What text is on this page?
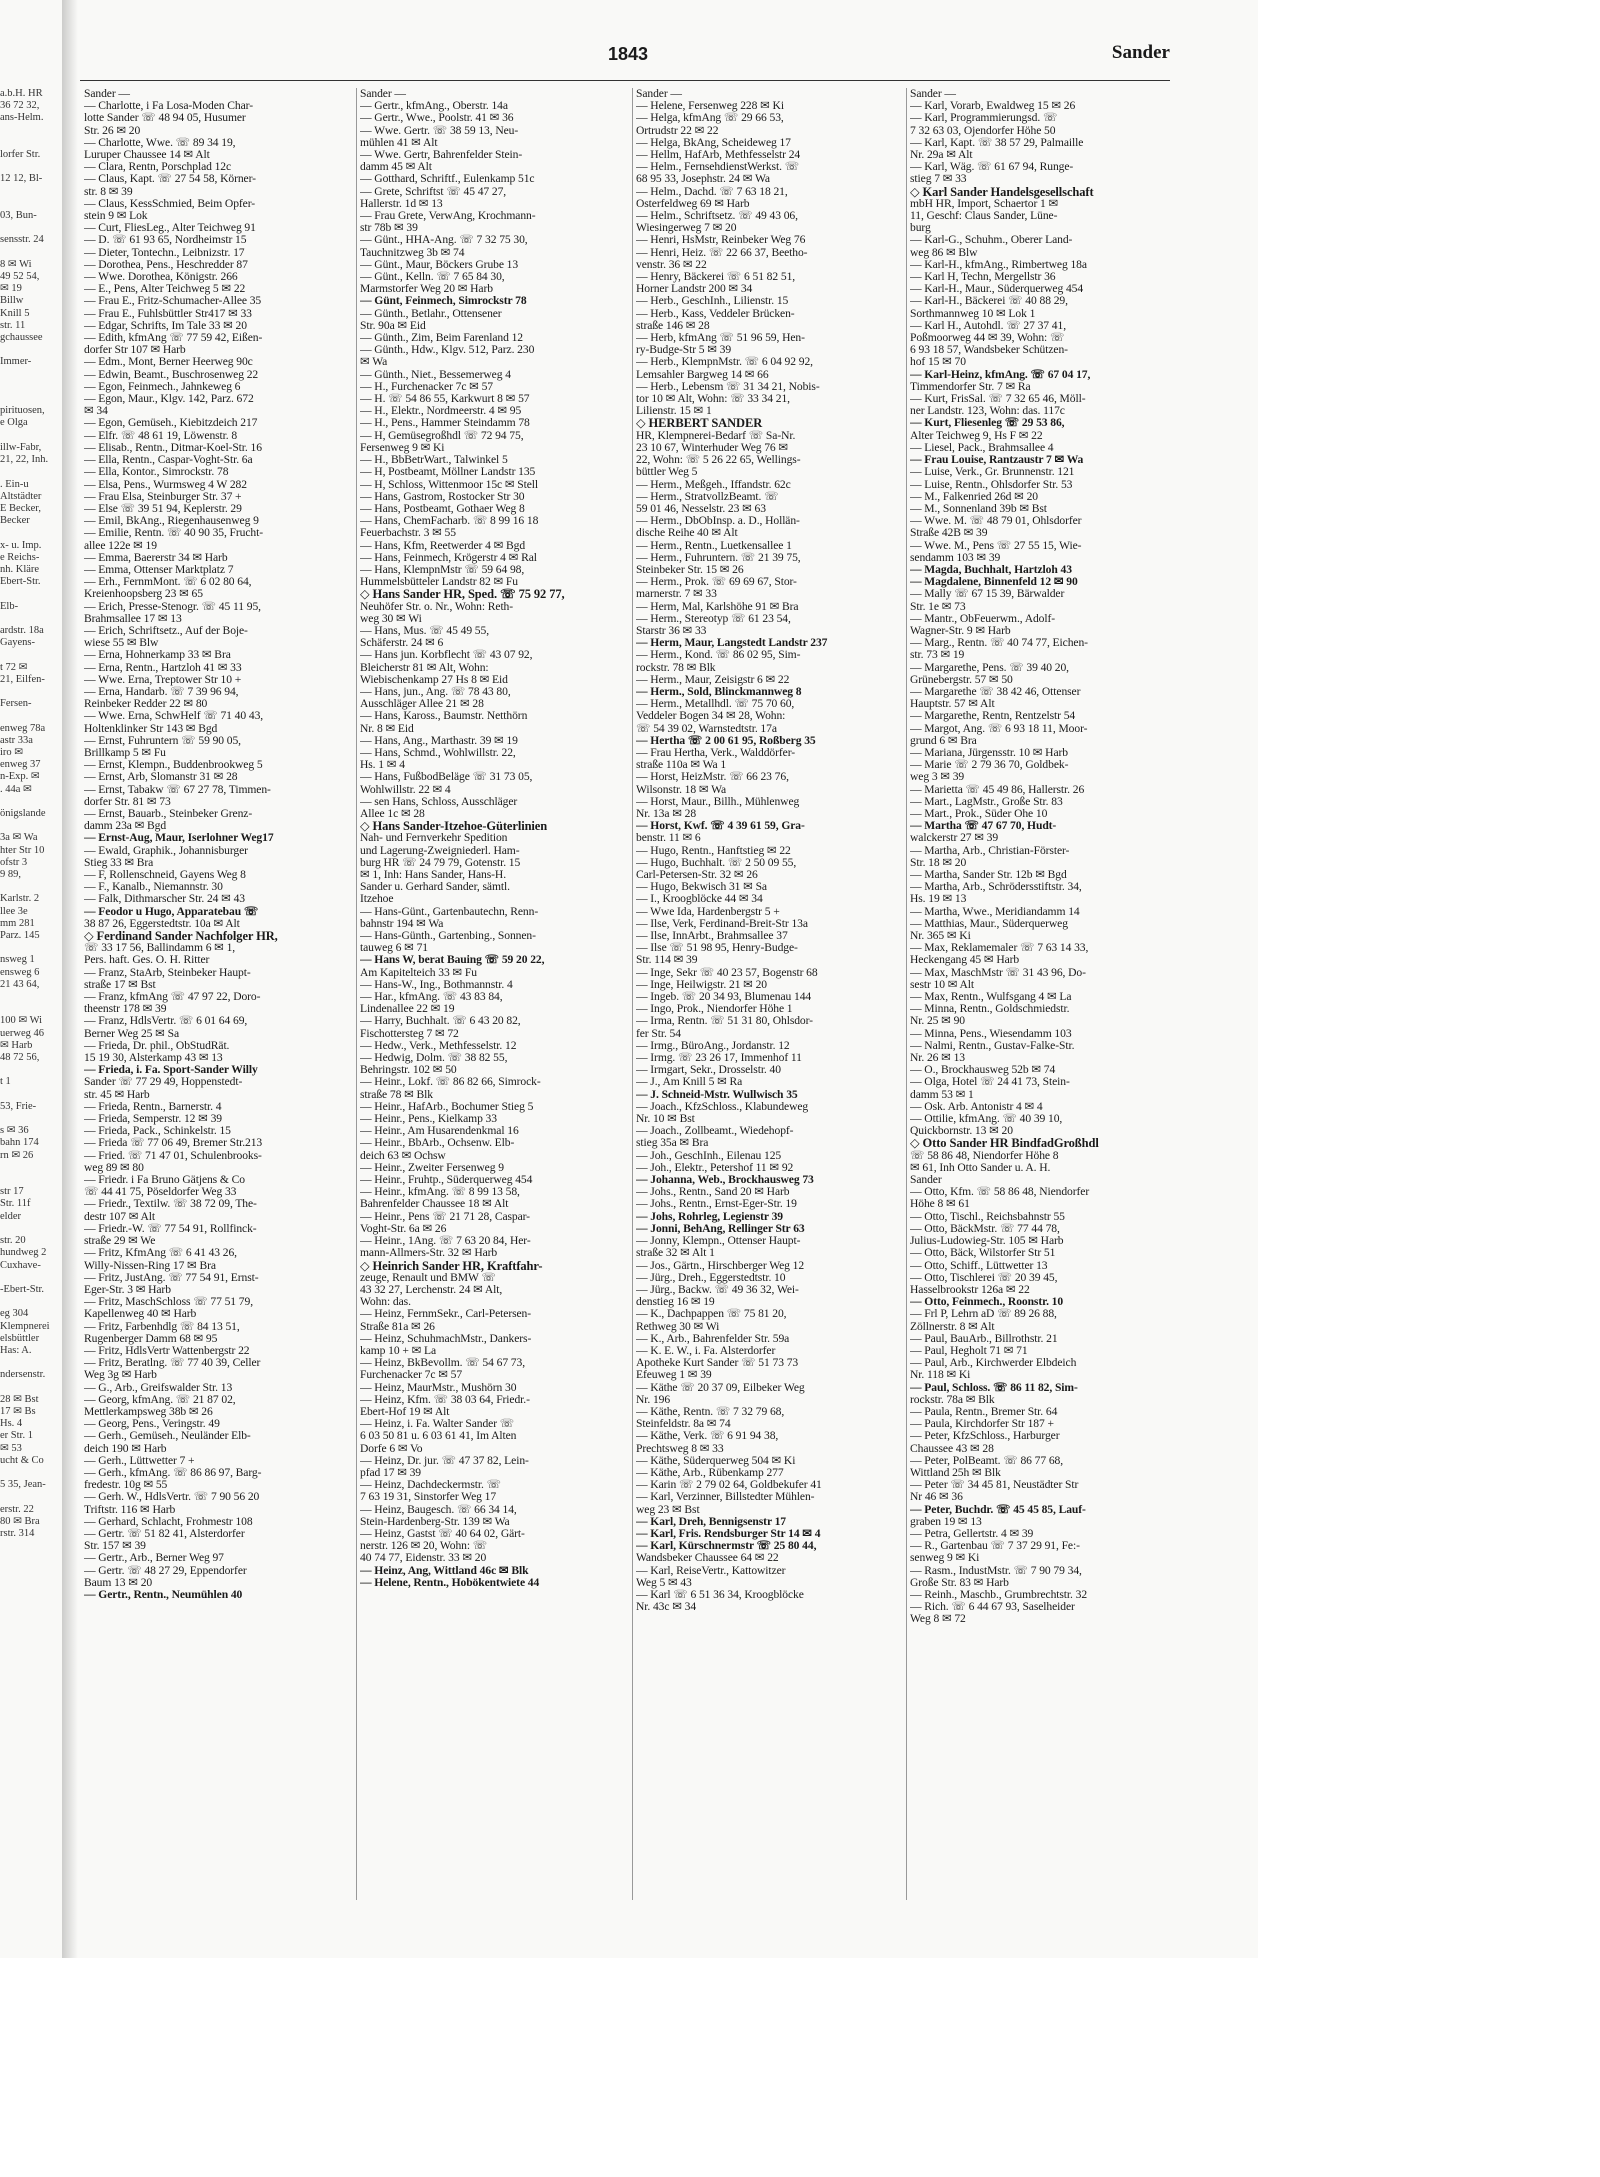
a.b.H. HR
36 72 32,
ans-Helm.

lorfer Str.

12 12, Bl-

03, Bun-

sensstr. 24

8 ✉ Wi
49 52 54,
✉ 19
Billw
Knill 5
str. 11
gchaussee

Immer-

pirituosen,
e Olga

illw-Fabr,
21, 22, Inh.

. Ein-u
Altstädter
E Becker,
Becker

x- u. Imp.
e Reichs-
nh. Kläre
Ebert-Str.

Elb-

ardstr. 18a
Gayens-

t 72 ✉
21, Eilfen-

Fersen-

enweg 78a
astr 33a
iro ✉
enweg 37
n-Exp. ✉
. 44a ✉

önigslande

3a ✉ Wa
hter Str 10
ofstr 3
9 89,

Karlstr. 2
llee 3e
mm 281
Parz. 145

nsweg 1
ensweg 6
21 43 64,

100 ✉ Wi
uerweg 46
✉ Harb
48 72 56,

t 1

53, Frie-

s ✉ 36
bahn 174
rn ✉ 26

str 17
Str. 11f
elder

str. 20
hundweg 2
Cuxhave-

-Ebert-Str.

eg 304
Klempnerei
elsbüttler
Has: A.

ndersenstr.

28 ✉ Bst
17 ✉ Bs
Hs. 4
er Str. 1
✉ 53
ucht & Co

5 35, Jean-

erstr. 22
80 ✉ Bra
rstr. 314
1843	Sander
Sander —
— Charlotte, i Fa Losa-Moden Char-
lotte Sander ☏ 48 94 05, Husumer
Str. 26 ✉ 20
— Charlotte, Wwe. ☏ 89 34 19,
Luruper Chaussee 14 ✉ Alt
— Clara, Rentn, Porschplad 12c
— Claus, Kapt. ☏ 27 54 58, Körner-
str. 8 ✉ 39
— Claus, KessSchmied, Beim Opfer-
stein 9 ✉ Lok
— Curt, FliesLeg., Alter Teichweg 91
— D. ☏ 61 93 65, Nordheimstr 15
— Dieter, Tontechn., Leibnizstr. 17
— Dorothea, Pens., Heschredder 87
— Wwe. Dorothea, Königstr. 266
— E., Pens, Alter Teichweg 5 ✉ 22
— Frau E., Fritz-Schumacher-Allee 35
— Frau E., Fuhlsbüttler Str417 ✉ 33
— Edgar, Schrifts, Im Tale 33 ✉ 20
— Edith, kfmAng ☏ 77 59 42, Eißen-
dorfer Str 107 ✉ Harb
— Edm., Mont, Berner Heerweg 90c
— Edwin, Beamt., Buschrosenweg 22
— Egon, Feinmech., Jahnkeweg 6
— Egon, Maur., Klgv. 142, Parz. 672
✉ 34
— Egon, Gemüseh., Kiebitzdeich 217
— Elfr. ☏ 48 61 19, Löwenstr. 8
— Elisab., Rentn., Ditmar-Koel-Str. 16
— Ella, Rentn., Caspar-Voght-Str. 6a
— Ella, Kontor., Simrockstr. 78
— Elsa, Pens., Wurmsweg 4 W 282
— Frau Elsa, Steinburger Str. 37 +
— Else ☏ 39 51 94, Keplerstr. 29
— Emil, BkAng., Riegenhausenweg 9
— Emilie, Rentn. ☏ 40 90 35, Frucht-
allee 122e ✉ 19
— Emma, Baererstr 34 ✉ Harb
— Emma, Ottenser Marktplatz 7
— Erh., FernmMont. ☏ 6 02 80 64,
Kreienhoopsberg 23 ✉ 65
— Erich, Presse-Stenogr. ☏ 45 11 95,
Brahmsallee 17 ✉ 13
— Erich, Schriftsetz., Auf der Boje-
wiese 55 ✉ Blw
— Erna, Hohnerkamp 33 ✉ Bra
— Erna, Rentn., Hartzloh 41 ✉ 33
— Wwe. Erna, Treptower Str 10 +
— Erna, Handarb. ☏ 7 39 96 94,
Reinbeker Redder 22 ✉ 80
— Wwe. Erna, SchwHelf ☏ 71 40 43,
Holtenklinker Str 143 ✉ Bgd
— Ernst, Fuhruntern ☏ 59 90 05,
Brillkamp 5 ✉ Fu
— Ernst, Klempn., Buddenbrookweg 5
— Ernst, Arb, Slomanstr 31 ✉ 28
— Ernst, Tabakw ☏ 67 27 78, Timmen-
dorfer Str. 81 ✉ 73
— Ernst, Bauarb., Steinbeker Grenz-
damm 23a ✉ Bgd
— Ernst-Aug, Maur, Iserlohner Weg17
— Ewald, Graphik., Johannisburger
Stieg 33 ✉ Bra
— F, Rollenschneid, Gayens Weg 8
— F., Kanalb., Niemannstr. 30
— Falk, Dithmarscher Str. 24 ✉ 43
— Feodor u Hugo, Apparatebau ☏
38 87 26, Eggerstedtstr. 10a ✉ Alt
◇ Ferdinand Sander Nachfolger HR,
☏ 33 17 56, Ballindamm 6 ✉ 1,
Pers. haft. Ges. O. H. Ritter
— Franz, StaArb, Steinbeker Haupt-
straße 17 ✉ Bst
— Franz, kfmAng ☏ 47 97 22, Doro-
theenstr 178 ✉ 39
— Franz, HdlsVertr. ☏ 6 01 64 69,
Berner Weg 25 ✉ Sa
— Frieda, Dr. phil., ObStudRät.
15 19 30, Alsterkamp 43 ✉ 13
— Frieda, i. Fa. Sport-Sander Willy
Sander ☏ 77 29 49, Hoppenstedt-
str. 45 ✉ Harb
— Frieda, Rentn., Barnerstr. 4
— Frieda, Semperstr. 12 ✉ 39
— Frieda, Pack., Schinkelstr. 15
— Frieda ☏ 77 06 49, Bremer Str.213
— Fried. ☏ 71 47 01, Schulenbrooks-
weg 89 ✉ 80
— Friedr. i Fa Bruno Gätjens & Co
☏ 44 41 75, Pöseldorfer Weg 33
— Friedr., Textilw. ☏ 38 72 09, The-
destr 107 ✉ Alt
— Friedr.-W. ☏ 77 54 91, Rollfinck-
straße 29 ✉ We
— Fritz, KfmAng ☏ 6 41 43 26,
Willy-Nissen-Ring 17 ✉ Bra
— Fritz, JustAng. ☏ 77 54 91, Ernst-
Eger-Str. 3 ✉ Harb
— Fritz, MaschSchloss ☏ 77 51 79,
Kapellenweg 40 ✉ Harb
— Fritz, Farbenhdlg ☏ 84 13 51,
Rugenberger Damm 68 ✉ 95
— Fritz, HdlsVertr Wattenbergstr 22
— Fritz, Beratlng. ☏ 77 40 39, Celler
Weg 3g ✉ Harb
— G., Arb., Greifswalder Str. 13
— Georg, kfmAng. ☏ 21 87 02,
Mettlerkampsweg 38b ✉ 26
— Georg, Pens., Veringstr. 49
— Gerh., Gemüseh., Neuländer Elb-
deich 190 ✉ Harb
— Gerh., Lüttwetter 7 +
— Gerh., kfmAng. ☏ 86 86 97, Barg-
fredestr. 10g ✉ 55
— Gerh. W., HdlsVertr. ☏ 7 90 56 20
Triftstr. 116 ✉ Harb
— Gerhard, Schlacht, Frohmestr 108
— Gertr. ☏ 51 82 41, Alsterdorfer
Str. 157 ✉ 39
— Gertr., Arb., Berner Weg 97
— Gertr. ☏ 48 27 29, Eppendorfer
Baum 13 ✉ 20
— Gertr., Rentn., Neumühlen 40
Sander —
— Gertr., kfmAng., Oberstr. 14a
— Gertr., Wwe., Poolstr. 41 ✉ 36
— Wwe. Gertr. ☏ 38 59 13, Neu-
mühlen 41 ✉ Alt
— Wwe. Gertr, Bahrenfelder Stein-
damm 45 ✉ Alt
— Gotthard, Schriftf., Eulenkamp 51c
— Grete, Schriftst ☏ 45 47 27,
Hallerstr. 1d ✉ 13
— Frau Grete, VerwAng, Krochmann-
str 78b ✉ 39
— Günt., HHA-Ang. ☏ 7 32 75 30,
Tauchnitzweg 3b ✉ 74
— Günt., Maur, Böckers Grube 13
— Günt., Kelln. ☏ 7 65 84 30,
Marmstorfer Weg 20 ✉ Harb
— Günt, Feinmech, Simrockstr 78
— Günth., Betlahr., Ottensener
Str. 90a ✉ Eid
— Günth., Zim, Beim Farenland 12
— Günth., Hdw., Klgv. 512, Parz. 230
✉ Wa
— Günth., Niet., Bessemerweg 4
— H., Furchenacker 7c ✉ 57
— H. ☏ 54 86 55, Karkwurt 8 ✉ 57
— H., Elektr., Nordmeerstr. 4 ✉ 95
— H., Pens., Hammer Steindamm 78
— H, Gemüsegroßhdl ☏ 72 94 75,
Fersenweg 9 ✉ Ki
— H., BbBetrWart., Talwinkel 5
— H, Postbeamt, Möllner Landstr 135
— H, Schloss, Wittenmoor 15c ✉ Stell
— Hans, Gastrom, Rostocker Str 30
— Hans, Postbeamt, Gothaer Weg 8
— Hans, ChemFacharb. ☏ 8 99 16 18
Feuerbachstr. 3 ✉ 55
— Hans, Kfm, Reetwerder 4 ✉ Bgd
— Hans, Feinmech, Krögerstr 4 ✉ Ral
— Hans, KlempnMstr ☏ 59 64 98,
Hummelsbütteler Landstr 82 ✉ Fu
◇ Hans Sander HR, Sped. ☏ 75 92 77,
Neuhöfer Str. o. Nr., Wohn: Reth-
weg 30 ✉ Wi
— Hans, Mus. ☏ 45 49 55,
Schäferstr. 24 ✉ 6
— Hans jun. Korbflecht ☏ 43 07 92,
Bleicherstr 81 ✉ Alt, Wohn:
Wiebischenkamp 27 Hs 8 ✉ Eid
— Hans, jun., Ang. ☏ 78 43 80,
Ausschläger Allee 21 ✉ 28
— Hans, Kaross., Baumstr. Netthörn
Nr. 8 ✉ Eid
— Hans, Ang., Marthastr. 39 ✉ 19
— Hans, Schmd., Wohlwillstr. 22,
Hs. 1 ✉ 4
— Hans, FußbodBeläge ☏ 31 73 05,
Wohlwillstr. 22 ✉ 4
— sen Hans, Schloss, Ausschläger
Allee 1c ✉ 28
◇ Hans Sander-Itzehoe-Güterlinien
Nah- und Fernverkehr Spedition
und Lagerung-Zweigniederl. Ham-
burg HR ☏ 24 79 79, Gotenstr. 15
✉ 1, Inh: Hans Sander, Hans-H.
Sander u. Gerhard Sander, sämtl.
Itzehoe
— Hans-Günt., Gartenbautechn, Renn-
bahnstr 194 ✉ Wa
— Hans-Günth., Gartenbing., Sonnen-
tauweg 6 ✉ 71
— Hans W, berat Bauing ☏ 59 20 22,
Am Kapitelteich 33 ✉ Fu
— Hans-W., Ing., Bothmannstr. 4
— Har., kfmAng. ☏ 43 83 84,
Lindenallee 22 ✉ 19
— Harry, Buchhalt. ☏ 6 43 20 82,
Fischottersteg 7 ✉ 72
— Hedw., Verk., Methfesselstr. 12
— Hedwig, Dolm. ☏ 38 82 55,
Behringstr. 102 ✉ 50
— Heinr., Lokf. ☏ 86 82 66, Simrock-
straße 78 ✉ Blk
— Heinr., HafArb., Bochumer Stieg 5
— Heinr., Pens., Kielkamp 33
— Heinr., Am Husarendenkmal 16
— Heinr., BbArb., Ochsenw. Elb-
deich 63 ✉ Ochsw
— Heinr., Zweiter Fersenweg 9
— Heinr., Fruhtp., Süderquerweg 454
— Heinr., kfmAng. ☏ 8 99 13 58,
Bahrenfelder Chaussee 18 ✉ Alt
— Heinr., Pens ☏ 21 71 28, Caspar-
Voght-Str. 6a ✉ 26
— Heinr., 1Ang. ☏ 7 63 20 84, Her-
mann-Allmers-Str. 32 ✉ Harb
◇ Heinrich Sander HR, Kraftfahr-
zeuge, Renault und BMW ☏
43 32 27, Lerchenstr. 24 ✉ Alt,
Wohn: das.
— Heinz, FernmSekr., Carl-Petersen-
Straße 81a ✉ 26
— Heinz, SchuhmachMstr., Dankers-
kamp 10 + ✉ La
— Heinz, BkBevollm. ☏ 54 67 73,
Furchenacker 7c ✉ 57
— Heinz, MaurMstr., Mushörn 30
— Heinz, Kfm. ☏ 38 03 64, Friedr.-
Ebert-Hof 19 ✉ Alt
— Heinz, i. Fa. Walter Sander ☏
6 03 50 81 u. 6 03 61 41, Im Alten
Dorfe 6 ✉ Vo
— Heinz, Dr. jur. ☏ 47 37 82, Lein-
pfad 17 ✉ 39
— Heinz, Dachdeckermstr. ☏
7 63 19 31, Sinstorfer Weg 17
— Heinz, Baugesch. ☏ 66 34 14,
Stein-Hardenberg-Str. 139 ✉ Wa
— Heinz, Gastst ☏ 40 64 02, Gärt-
nerstr. 126 ✉ 20, Wohn: ☏
40 74 77, Eidenstr. 33 ✉ 20
— Heinz, Ang, Wittland 46c ✉ Blk
— Helene, Rentn., Hobökentwiete 44
Sander —
— Helene, Fersenweg 228 ✉ Ki
— Helga, kfmAng ☏ 29 66 53,
Ortrudstr 22 ✉ 22
— Helga, BkAng, Scheideweg 17
— Hellm, HafArb, Methfesselstr 24
— Helm., FernsehdienstWerkst. ☏
68 95 33, Josephstr. 24 ✉ Wa
— Helm., Dachd. ☏ 7 63 18 21,
Osterfeldweg 69 ✉ Harb
— Helm., Schriftsetz. ☏ 49 43 06,
Wiesingerweg 7 ✉ 20
— Henri, HsMstr, Reinbeker Weg 76
— Henri, Heiz. ☏ 22 66 37, Beetho-
venstr. 36 ✉ 22
— Henry, Bäckerei ☏ 6 51 82 51,
Horner Landstr 200 ✉ 34
— Herb., GeschInh., Lilienstr. 15
— Herb., Kass, Veddeler Brücken-
straße 146 ✉ 28
— Herb, kfmAng ☏ 51 96 59, Hen-
ry-Budge-Str 5 ✉ 39
— Herb., KlempnMstr. ☏ 6 04 92 92,
Lemsahler Bargweg 14 ✉ 66
— Herb., Lebensm ☏ 31 34 21, Nobis-
tor 10 ✉ Alt, Wohn: ☏ 33 34 21,
Lilienstr. 15 ✉ 1
◇ HERBERT SANDER
HR, Klempnerei-Bedarf ☏ Sa-Nr.
23 10 67, Winterhuder Weg 76 ✉
22, Wohn: ☏ 5 26 22 65, Wellings-
büttler Weg 5
— Herm., Meßgeh., Iffandstr. 62c
— Herm., StratvollzBeamt. ☏
59 01 46, Nesselstr. 23 ✉ 63
— Herm., DbObInsp. a. D., Hollän-
dische Reihe 40 ✉ Alt
— Herm., Rentn., Luetkensallee 1
— Herm., Fuhruntern. ☏ 21 39 75,
Steinbeker Str. 15 ✉ 26
— Herm., Prok. ☏ 69 69 67, Stor-
marnerstr. 7 ✉ 33
— Herm, Mal, Karlshöhe 91 ✉ Bra
— Herm., Stereotyp ☏ 61 23 54,
Starstr 36 ✉ 33
— Herm, Maur, Langstedt Landstr 237
— Herm., Kond. ☏ 86 02 95, Sim-
rockstr. 78 ✉ Blk
— Herm., Maur, Zeisigstr 6 ✉ 22
— Herm., Sold, Blinckmannweg 8
— Herm., Metallhdl. ☏ 75 70 60,
Veddeler Bogen 34 ✉ 28, Wohn:
☏ 54 39 02, Warnstedtstr. 17a
— Hertha ☏ 2 00 61 95, Roßberg 35
— Frau Hertha, Verk., Walddörfer-
straße 110a ✉ Wa 1
— Horst, HeizMstr. ☏ 66 23 76,
Wilsonstr. 18 ✉ Wa
— Horst, Maur., Billh., Mühlenweg
Nr. 13a ✉ 28
— Horst, Kwf. ☏ 4 39 61 59, Gra-
benstr. 11 ✉ 6
— Hugo, Rentn., Hanftstieg ✉ 22
— Hugo, Buchhalt. ☏ 2 50 09 55,
Carl-Petersen-Str. 32 ✉ 26
— Hugo, Bekwisch 31 ✉ Sa
— I., Kroogblöcke 44 ✉ 34
— Wwe Ida, Hardenbergstr 5 +
— Ilse, Verk, Ferdinand-Breit-Str 13a
— Ilse, InnArbt., Brahmsallee 37
— Ilse ☏ 51 98 95, Henry-Budge-
Str. 114 ✉ 39
— Inge, Sekr ☏ 40 23 57, Bogenstr 68
— Inge, Heilwigstr. 21 ✉ 20
— Ingeb. ☏ 20 34 93, Blumenau 144
— Ingo, Prok., Niendorfer Höhe 1
— Irma, Rentn. ☏ 51 31 80, Ohlsdor-
fer Str. 54
— Irmg., BüroAng., Jordanstr. 12
— Irmg. ☏ 23 26 17, Immenhof 11
— Irmgart, Sekr., Drosselstr. 40
— J., Am Knill 5 ✉ Ra
— J. Schneid-Mstr. Wullwisch 35
— Joach., KfzSchloss., Klabundeweg
Nr. 10 ✉ Bst
— Joach., Zollbeamt., Wiedehopf-
stieg 35a ✉ Bra
— Joh., GeschInh., Eilenau 125
— Joh., Elektr., Petershof 11 ✉ 92
— Johanna, Web., Brockhausweg 73
— Johs., Rentn., Sand 20 ✉ Harb
— Johs., Rentn., Ernst-Eger-Str. 19
— Johs, Rohrleg, Legienstr 39
— Jonni, BehAng, Rellinger Str 63
— Jonny, Klempn., Ottenser Haupt-
straße 32 ✉ Alt 1
— Jos., Gärtn., Hirschberger Weg 12
— Jürg., Dreh., Eggerstedtstr. 10
— Jürg., Backw. ☏ 49 36 32, Wei-
denstieg 16 ✉ 19
— K., Dachpappen ☏ 75 81 20,
Rethweg 30 ✉ Wi
— K., Arb., Bahrenfelder Str. 59a
— K. E. W., i. Fa. Alsterdorfer
Apotheke Kurt Sander ☏ 51 73 73
Efeuweg 1 ✉ 39
— Käthe ☏ 20 37 09, Eilbeker Weg
Nr. 196
— Käthe, Rentn. ☏ 7 32 79 68,
Steinfeldstr. 8a ✉ 74
— Käthe, Verk. ☏ 6 91 94 38,
Prechtsweg 8 ✉ 33
— Käthe, Süderquerweg 504 ✉ Ki
— Käthe, Arb., Rübenkamp 277
— Karin ☏ 2 79 02 64, Goldbekufer 41
— Karl, Verzinner, Billstedter Mühlen-
weg 23 ✉ Bst
— Karl, Dreh, Bennigsenstr 17
— Karl, Fris. Rendsburger Str 14 ✉ 4
— Karl, Kürschnermstr ☏ 25 80 44,
Wandsbeker Chaussee 64 ✉ 22
— Karl, ReiseVertr., Kattowitzer
Weg 5 ✉ 43
— Karl ☏ 6 51 36 34, Kroogblöcke
Nr. 43c ✉ 34
Sander —
— Karl, Vorarb, Ewaldweg 15 ✉ 26
— Karl, Programmierungsd. ☏
7 32 63 03, Ojendorfer Höhe 50
— Karl, Kapt. ☏ 38 57 29, Palmaille
Nr. 29a ✉ Alt
— Karl, Wäg. ☏ 61 67 94, Runge-
stieg 7 ✉ 33
◇ Karl Sander Handelsgesellschaft
mbH HR, Import, Schaertor 1 ✉
11, Geschf: Claus Sander, Lüne-
burg
— Karl-G., Schuhm., Oberer Land-
weg 86 ✉ Blw
— Karl-H., kfmAng., Rimbertweg 18a
— Karl H, Techn, Mergellstr 36
— Karl-H., Maur., Süderquerweg 454
— Karl-H., Bäckerei ☏ 40 88 29,
Sorthmannweg 10 ✉ Lok 1
— Karl H., Autohdl. ☏ 27 37 41,
Poßmoorweg 44 ✉ 39, Wohn: ☏
6 93 18 57, Wandsbeker Schützen-
hof 15 ✉ 70
— Karl-Heinz, kfmAng. ☏ 67 04 17,
Timmendorfer Str. 7 ✉ Ra
— Kurt, FrisSal. ☏ 7 32 65 46, Möll-
ner Landstr. 123, Wohn: das. 117c
— Kurt, Fliesenleg ☏ 29 53 86,
Alter Teichweg 9, Hs F ✉ 22
— Liesel, Pack., Brahmsallee 4
— Frau Louise, Rantzaustr 7 ✉ Wa
— Luise, Verk., Gr. Brunnenstr. 121
— Luise, Rentn., Ohlsdorfer Str. 53
— M., Falkenried 26d ✉ 20
— M., Sonnenland 39b ✉ Bst
— Wwe. M. ☏ 48 79 01, Ohlsdorfer
Straße 42B ✉ 39
— Wwe. M., Pens ☏ 27 55 15, Wie-
sendamm 103 ✉ 39
— Magda, Buchhalt, Hartzloh 43
— Magdalene, Binnenfeld 12 ✉ 90
— Mally ☏ 67 15 39, Bärwalder
Str. 1e ✉ 73
— Mantr., ObFeuerwm., Adolf-
Wagner-Str. 9 ✉ Harb
— Marg., Rentn. ☏ 40 74 77, Eichen-
str. 73 ✉ 19
— Margarethe, Pens. ☏ 39 40 20,
Grünebergstr. 57 ✉ 50
— Margarethe ☏ 38 42 46, Ottenser
Hauptstr. 57 ✉ Alt
— Margarethe, Rentn, Rentzelstr 54
— Margot, Ang. ☏ 6 93 18 11, Moor-
grund 6 ✉ Bra
— Mariana, Jürgensstr. 10 ✉ Harb
— Marie ☏ 2 79 36 70, Goldbek-
weg 3 ✉ 39
— Marietta ☏ 45 49 86, Hallerstr. 26
— Mart., LagMstr., Große Str. 83
— Mart., Prok., Süder Ohe 10
— Martha ☏ 47 67 70, Hudt-
walckerstr 27 ✉ 39
— Martha, Arb., Christian-Förster-
Str. 18 ✉ 20
— Martha, Sander Str. 12b ✉ Bgd
— Martha, Arb., Schrödersstiftstr. 34,
Hs. 19 ✉ 13
— Martha, Wwe., Meridiandamm 14
— Matthias, Maur., Süderquerweg
Nr. 365 ✉ Ki
— Max, Reklamemaler ☏ 7 63 14 33,
Heckengang 45 ✉ Harb
— Max, MaschMstr ☏ 31 43 96, Do-
sestr 10 ✉ Alt
— Max, Rentn., Wulfsgang 4 ✉ La
— Minna, Rentn., Goldschmiedstr.
Nr. 25 ✉ 90
— Minna, Pens., Wiesendamm 103
— Nalmi, Rentn., Gustav-Falke-Str.
Nr. 26 ✉ 13
— O., Brockhausweg 52b ✉ 74
— Olga, Hotel ☏ 24 41 73, Stein-
damm 53 ✉ 1
— Osk. Arb. Antonistr 4 ✉ 4
— Ottilie, kfmAng. ☏ 40 39 10,
Quickbornstr. 13 ✉ 20
◇ Otto Sander HR BindfadGroßhdl
☏ 58 86 48, Niendorfer Höhe 8
✉ 61, Inh Otto Sander u. A. H.
Sander
— Otto, Kfm. ☏ 58 86 48, Niendorfer
Höhe 8 ✉ 61
— Otto, Tischl., Reichsbahnstr 55
— Otto, BäckMstr. ☏ 77 44 78,
Julius-Ludowieg-Str. 105 ✉ Harb
— Otto, Bäck, Wilstorfer Str 51
— Otto, Schiff., Lüttwetter 13
— Otto, Tischlerei ☏ 20 39 45,
Hasselbrookstr 126a ✉ 22
— Otto, Feinmech., Roonstr. 10
— Frl P, Lehrn aD ☏ 89 26 88,
Zöllnerstr. 8 ✉ Alt
— Paul, BauArb., Billrothstr. 21
— Paul, Hegholt 71 ✉ 71
— Paul, Arb., Kirchwerder Elbdeich
Nr. 118 ✉ Ki
— Paul, Schloss. ☏ 86 11 82, Sim-
rockstr. 78a ✉ Blk
— Paula, Rentn., Bremer Str. 64
— Paula, Kirchdorfer Str 187 +
— Peter, KfzSchloss., Harburger
Chaussee 43 ✉ 28
— Peter, PolBeamt. ☏ 86 77 68,
Wittland 25h ✉ Blk
— Peter ☏ 34 45 81, Neustädter Str
Nr 46 ✉ 36
— Peter, Buchdr. ☏ 45 45 85, Lauf-
graben 19 ✉ 13
— Petra, Gellertstr. 4 ✉ 39
— R., Gartenbau ☏ 7 37 29 91, Fe:-
senweg 9 ✉ Ki
— Rasm., IndustMstr. ☏ 7 90 79 34,
Große Str. 83 ✉ Harb
— Reinh., Maschb., Grumbrechtstr. 32
— Rich. ☏ 6 44 67 93, Saselheider
Weg 8 ✉ 72
